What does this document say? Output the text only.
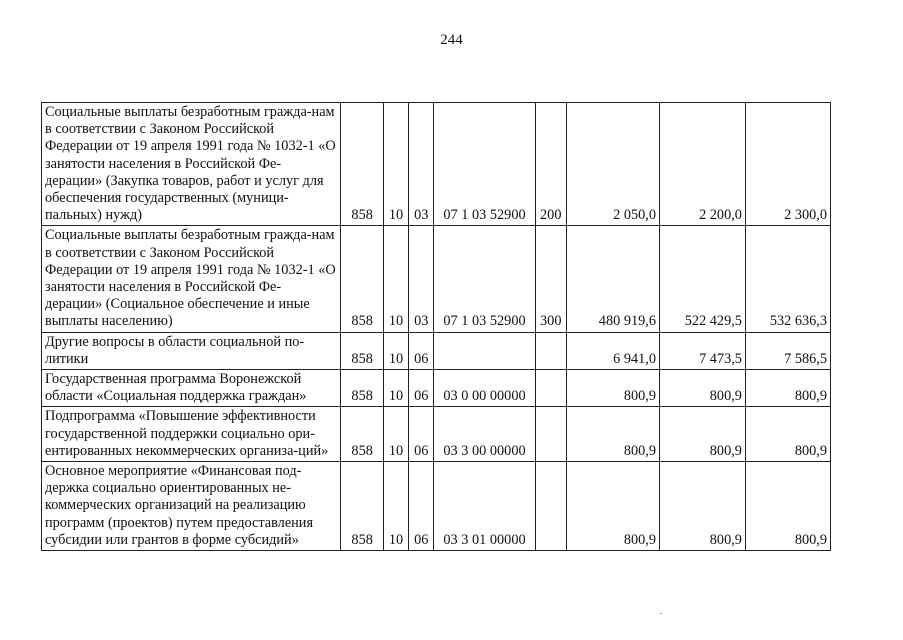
244
Социальные выплаты безработным гражда-нам в соответствии с Законом Российской Федерации от 19 апреля 1991 года № 1032-1 «О занятости населения в Российской Фе-дерации» (Закупка товаров, работ и услуг для обеспечения государственных (муници-пальных) нужд)	858	10	03	07 1 03 52900	200	2 050,0	2 200,0	2 300,0
Социальные выплаты безработным гражда-нам в соответствии с Законом Российской Федерации от 19 апреля 1991 года № 1032-1 «О занятости населения в Российской Фе-дерации» (Социальное обеспечение и иные выплаты населению)	858	10	03	07 1 03 52900	300	480 919,6	522 429,5	532 636,3
Другие вопросы в области социальной по-литики	858	10	06			6 941,0	7 473,5	7 586,5
Государственная программа Воронежской области «Социальная поддержка граждан»	858	10	06	03 0 00 00000		800,9	800,9	800,9
Подпрограмма «Повышение эффективности государственной поддержки социально ори-ентированных некоммерческих организа-ций»	858	10	06	03 3 00 00000		800,9	800,9	800,9
Основное мероприятие «Финансовая под-держка социально ориентированных не-коммерческих организаций на реализацию программ (проектов) путем предоставления субсидии или грантов в форме субсидий»	858	10	06	03 3 01 00000		800,9	800,9	800,9
